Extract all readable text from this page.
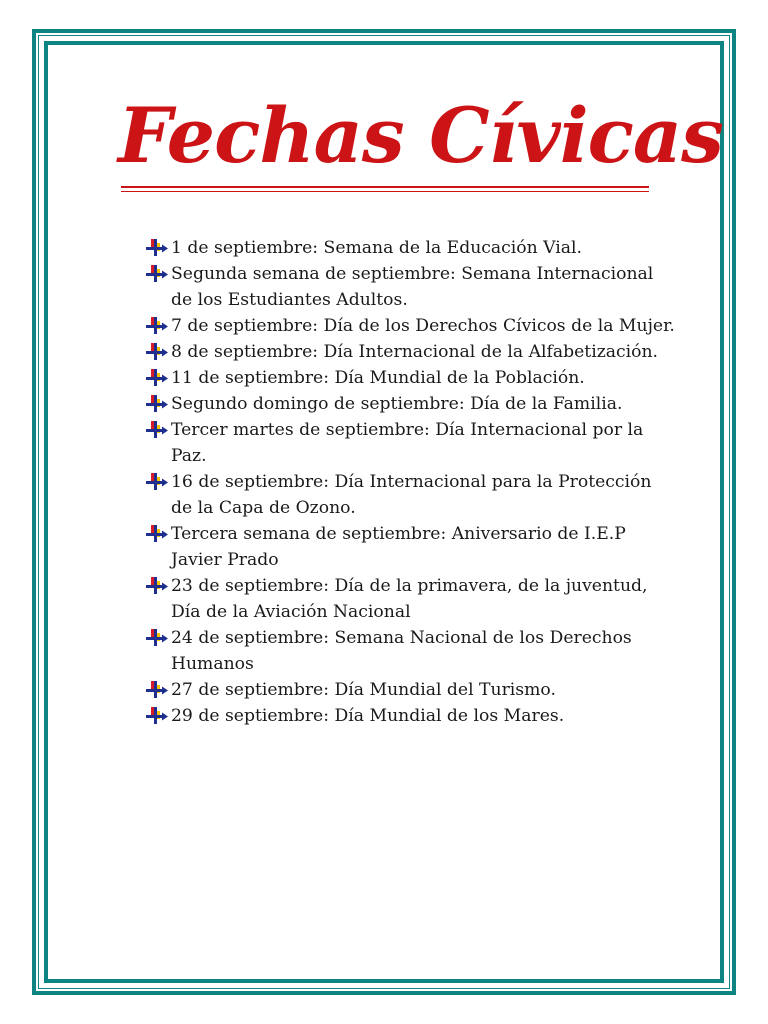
Fechas Cívicas
1 de septiembre: Semana de la Educación Vial.
Segunda semana de septiembre: Semana Internacional de los Estudiantes Adultos.
7 de septiembre: Día de los Derechos Cívicos de la Mujer.
8 de septiembre: Día Internacional de la Alfabetización.
11 de septiembre: Día Mundial de la Población.
Segundo domingo de septiembre: Día de la Familia.
Tercer martes de septiembre: Día Internacional por la Paz.
16 de septiembre: Día Internacional para la Protección de la Capa de Ozono.
Tercera semana de septiembre: Aniversario de I.E.P Javier Prado
23 de septiembre: Día de la primavera, de la juventud, Día de la Aviación Nacional
24 de septiembre: Semana Nacional de los Derechos Humanos
27 de septiembre: Día Mundial del Turismo.
29 de septiembre: Día Mundial de los Mares.
